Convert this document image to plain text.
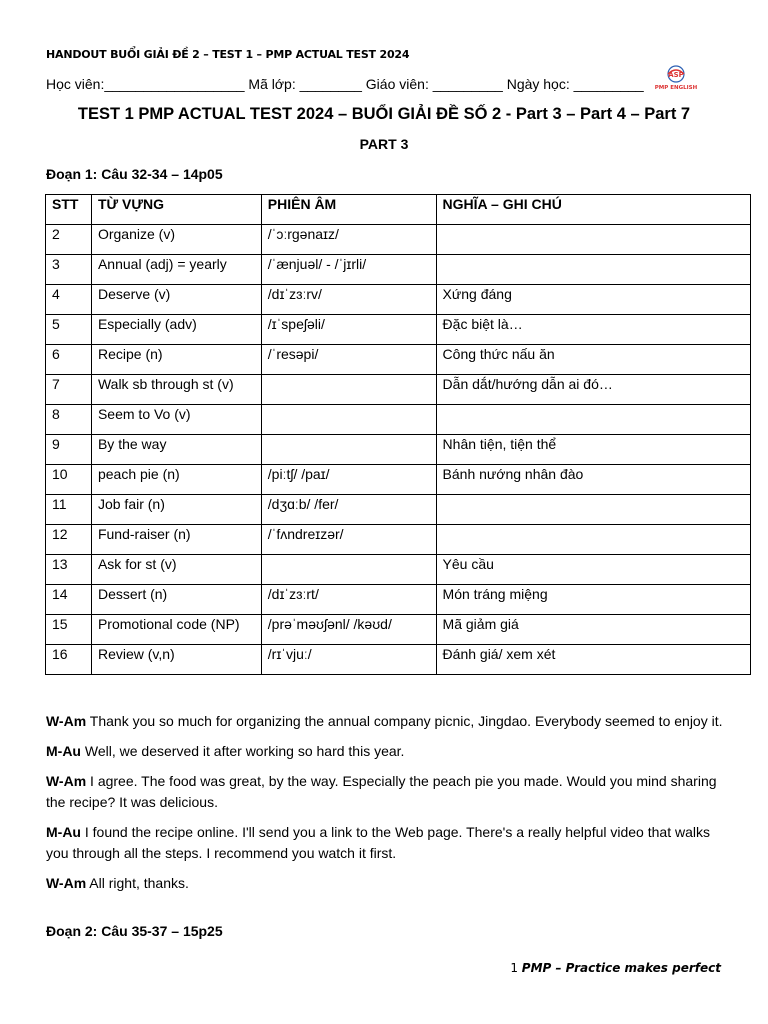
HANDOUT BUỔI GIẢI ĐỀ 2 – TEST 1 – PMP ACTUAL TEST 2024
Học viên:__________________ Mã lớp: ________ Giáo viên: _________ Ngày học: _________
ASP
PMP ENGLISH
TEST 1 PMP ACTUAL TEST 2024 – BUỔI GIẢI ĐỀ SỐ 2 - Part 3 – Part 4 – Part 7
PART 3
Đoạn 1: Câu 32-34 – 14p05
STT	TỪ VỰNG	PHIÊN ÂM	NGHĨA – GHI CHÚ
2	Organize (v)	/ˈɔːrɡənaɪz/	
3	Annual (adj) = yearly	/ˈænjuəl/ - /ˈjɪrli/	
4	Deserve (v)	/dɪˈzɜːrv/	Xứng đáng
5	Especially (adv)	/ɪˈspeʃəli/	Đặc biệt là…
6	Recipe (n)	/ˈresəpi/	Công thức nấu ăn
7	Walk sb through st (v)		Dẫn dắt/hướng dẫn ai đó…
8	Seem to Vo (v)		
9	By the way		Nhân tiện, tiện thể
10	peach pie (n)	/piːtʃ/ /paɪ/	Bánh nướng nhân đào
11	Job fair (n)	/dʒɑːb/ /fer/	
12	Fund-raiser (n)	/ˈfʌndreɪzər/	
13	Ask for st (v)		Yêu cầu
14	Dessert (n)	/dɪˈzɜːrt/	Món tráng miệng
15	Promotional code (NP)	/prəˈməʊʃənl/ /kəʊd/	Mã giảm giá
16	Review (v,n)	/rɪˈvjuː/	Đánh giá/ xem xét

W-Am Thank you so much for organizing the annual company picnic, Jingdao. Everybody seemed to enjoy it.

M-Au Well, we deserved it after working so hard this year.

W-Am I agree. The food was great, by the way. Especially the peach pie you made. Would you mind sharing the recipe? It was delicious.

M-Au I found the recipe online. I'll send you a link to the Web page. There's a really helpful video that walks you through all the steps. I recommend you watch it first.

W-Am All right, thanks.

Đoạn 2: Câu 35-37 – 15p25
1 PMP – Practice makes perfect
